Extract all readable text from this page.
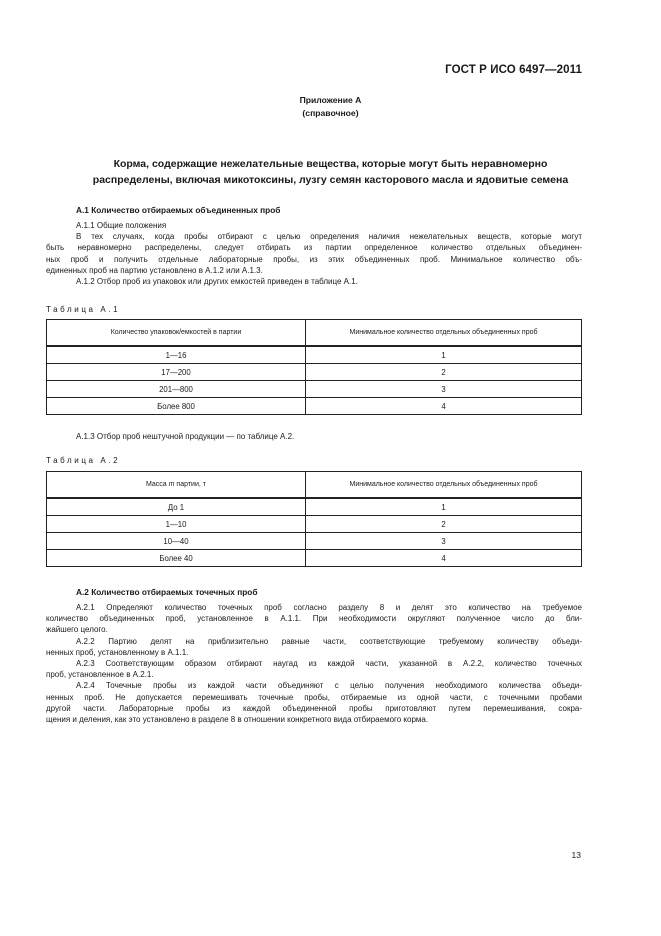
ГОСТ Р ИСО 6497—2011
Приложение А
(справочное)
Корма, содержащие нежелательные вещества, которые могут быть неравномерно
распределены, включая микотоксины, лузгу семян касторового масла и ядовитые семена
А.1 Количество отбираемых объединенных проб
А.1.1 Общие положения
В тех случаях, когда пробы отбирают с целью определения наличия нежелательных веществ, которые могут
быть неравномерно распределены, следует отбирать из партии определенное количество отдельных объединен-
ных проб и получить отдельные лабораторные пробы, из этих объединенных проб. Минимальное количество объ-
единенных проб на партию установлено в А.1.2 или А.1.3.
А.1.2 Отбор проб из упаковок или других емкостей приведен в таблице А.1.
Таблица А.1
Количество упаковок/емкостей в партии	Минимальное количество отдельных объединенных проб
1—16	1
17—200	2
201—800	3
Более 800	4
А.1.3 Отбор проб нештучной продукции — по таблице А.2.
Таблица А.2
Масса m партии, т	Минимальное количество отдельных объединенных проб
До 1	1
1—10	2
10—40	3
Более 40	4
А.2 Количество отбираемых точечных проб
А.2.1 Определяют количество точечных проб согласно разделу 8 и делят это количество на требуемое
количество объединенных проб, установленное в А.1.1. При необходимости округляют полученное число до бли-
жайшего целого.
А.2.2 Партию делят на приблизительно равные части, соответствующие требуемому количеству объеди-
ненных проб, установленному в А.1.1.
А.2.3 Соответствующим образом отбирают наугад из каждой части, указанной в А.2.2, количество точечных
проб, установленное в А.2.1.
А.2.4 Точечные пробы из каждой части объединяют с целью получения необходимого количества объеди-
ненных проб. Не допускается перемешивать точечные пробы, отбираемые из одной части, с точечными пробами
другой части. Лабораторные пробы из каждой объединенной пробы приготовляют путем перемешивания, сокра-
щения и деления, как это установлено в разделе 8 в отношении конкретного вида отбираемого корма.
13
